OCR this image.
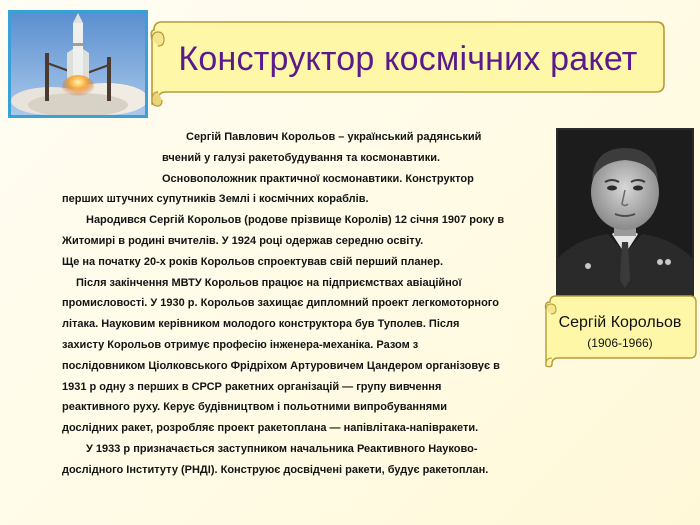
Конструктор космічних ракет

Сергій Павлович Корольов – український радянський

вчений у галузі ракетобудування та космонавтики.

Основоположник практичної космонавтики. Конструктор

перших штучних супутників Землі і космічних кораблів.

Народився Сергій Корольов (родове прізвище Королів) 12 січня 1907 року в

Житомирі в родині вчителів. У 1924 році одержав середню освіту.

Ще на початку 20-х років Корольов спроектував свій перший планер.

Після закінчення МВТУ Корольов працює на підприємствах авіаційної

промисловості. У 1930 р. Корольов захищає дипломний проект легкомоторного

літака. Науковим керівником молодого конструктора був Туполев. Після

захисту Корольов отримує професію інженера-механіка. Разом з

послідовником Ціолковського Фрідріхом Артуровичем Цандером організовує в

1931 р одну з перших в СРСР ракетних організацій — групу вивчення

реактивного руху. Керує будівництвом і польотними випробуваннями

дослідних ракет, розробляє проект ракетоплана — напівлітака-напівракети.

У 1933 р призначається заступником начальника Реактивного Науково-

дослідного Інституту (РНДІ). Конструює досвідчені ракети, будує ракетоплан.

Сергій Корольов
(1906-1966)
